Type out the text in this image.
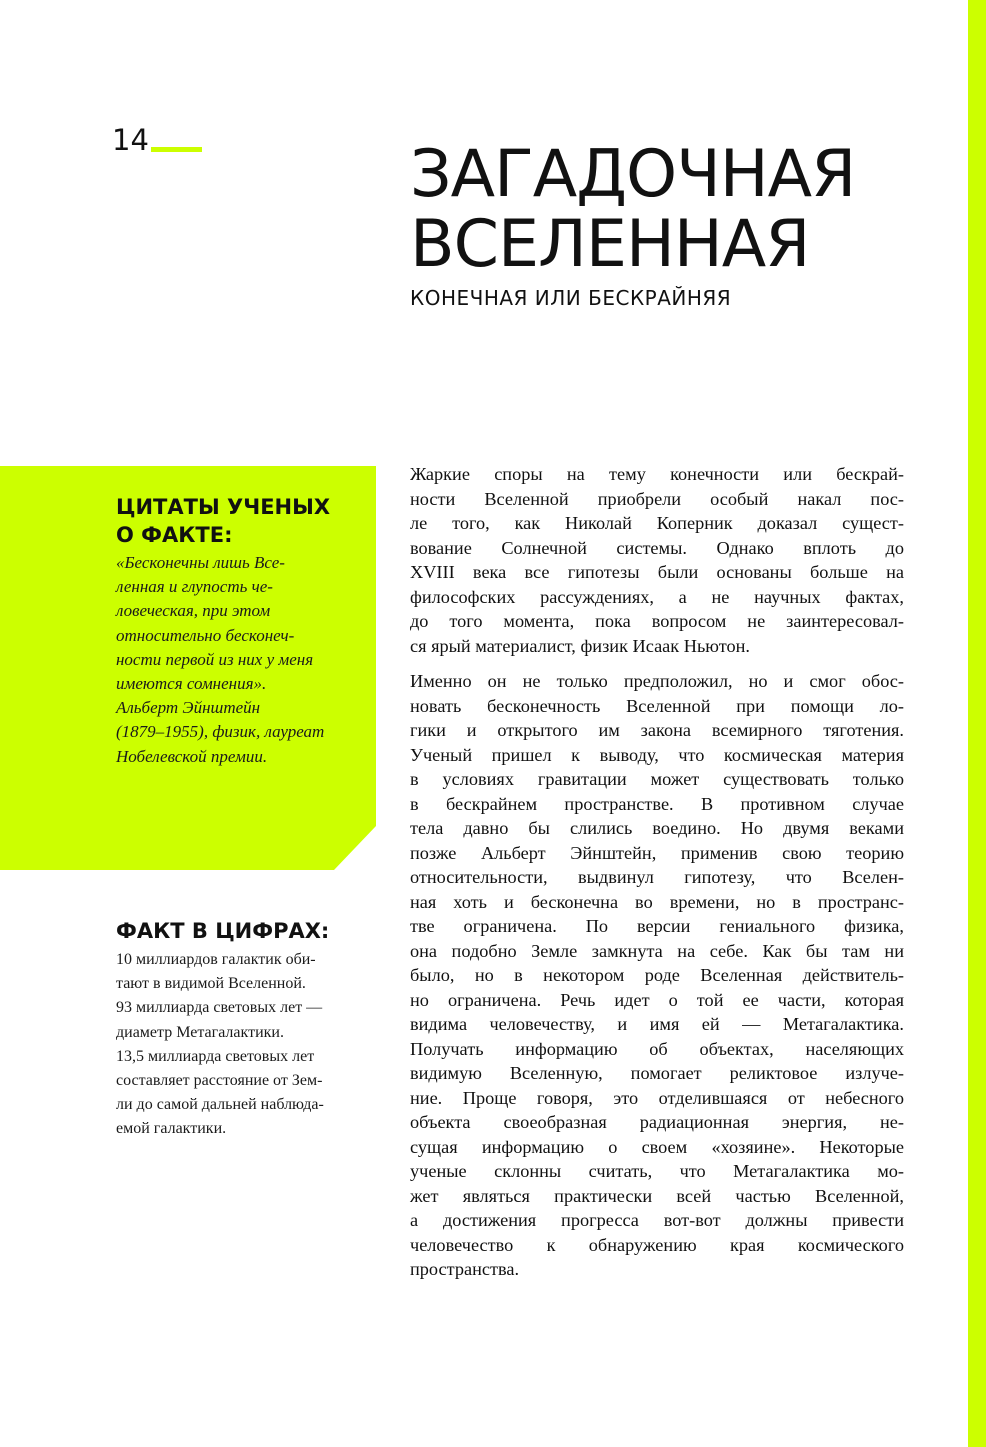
14	ЗАГАДОЧНАЯ
ВСЕЛЕННАЯ
КОНЕЧНАЯ ИЛИ БЕСКРАЙНЯЯ
ЦИТАТЫ УЧЕНЫХ
О ФАКТЕ:
«Бесконечны лишь Все-
ленная и глупость че-
ловеческая, при этом
относительно бесконеч-
ности первой из них у меня
имеются сомнения».
Альберт Эйнштейн
(1879–1955), физик, лауреат
Нобелевской премии.
ФАКТ В ЦИФРАХ:
10 миллиардов галактик оби-
тают в видимой Вселенной.
93 миллиарда световых лет —
диаметр Метагалактики.
13,5 миллиарда световых лет
составляет расстояние от Зем-
ли до самой дальней наблюда-
емой галактики.

Жаркие споры на тему конечности или бескрай-
ности Вселенной приобрели особый накал пос-
ле того, как Николай Коперник доказал сущест-
вование Солнечной системы. Однако вплоть до
XVIII века все гипотезы были основаны больше на
философских рассуждениях, а не научных фактах,
до того момента, пока вопросом не заинтересовал-
ся ярый материалист, физик Исаак Ньютон.

Именно он не только предположил, но и смог обос-
новать бесконечность Вселенной при помощи ло-
гики и открытого им закона всемирного тяготения.
Ученый пришел к выводу, что космическая материя
в условиях гравитации может существовать только
в бескрайнем пространстве. В противном случае
тела давно бы слились воедино. Но двумя веками
позже Альберт Эйнштейн, применив свою теорию
относительности, выдвинул гипотезу, что Вселен-
ная хоть и бесконечна во времени, но в пространс-
тве ограничена. По версии гениального физика,
она подобно Земле замкнута на себе. Как бы там ни
было, но в некотором роде Вселенная действитель-
но ограничена. Речь идет о той ее части, которая
видима человечеству, и имя ей — Метагалактика.
Получать информацию об объектах, населяющих
видимую Вселенную, помогает реликтовое излуче-
ние. Проще говоря, это отделившаяся от небесного
объекта своеобразная радиационная энергия, не-
сущая информацию о своем «хозяине». Некоторые
ученые склонны считать, что Метагалактика мо-
жет являться практически всей частью Вселенной,
а достижения прогресса вот-вот должны привести
человечество к обнаружению края космического
пространства.
